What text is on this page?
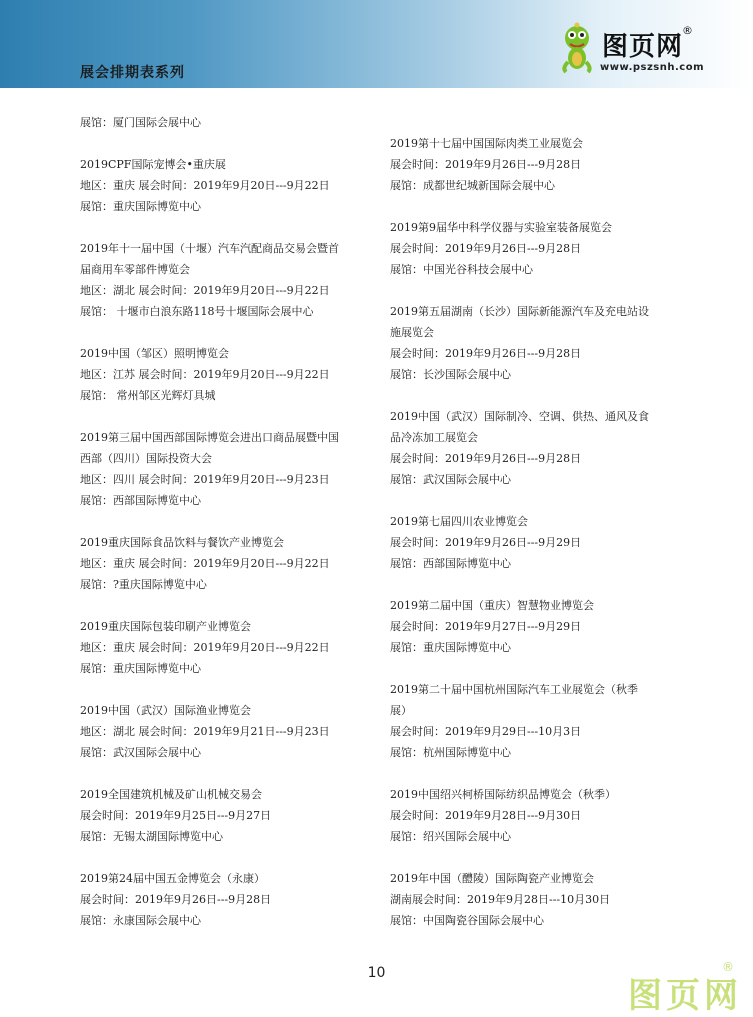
展会排期表系列
图页网
®
www.pszsnh.com
展馆：厦门国际会展中心
2019CPF国际宠博会•重庆展
地区：重庆 展会时间：2019年9月20日---9月22日
展馆：重庆国际博览中心
2019年十一届中国（十堰）汽车汽配商品交易会暨首
届商用车零部件博览会
地区：湖北 展会时间：2019年9月20日---9月22日
展馆： 十堰市白浪东路118号十堰国际会展中心
2019中国（邹区）照明博览会
地区：江苏 展会时间：2019年9月20日---9月22日
展馆： 常州邹区光辉灯具城
2019第三届中国西部国际博览会进出口商品展暨中国
西部（四川）国际投资大会
地区：四川 展会时间：2019年9月20日---9月23日
展馆：西部国际博览中心
2019重庆国际食品饮料与餐饮产业博览会
地区：重庆 展会时间：2019年9月20日---9月22日
展馆：?重庆国际博览中心
2019重庆国际包装印刷产业博览会
地区：重庆 展会时间：2019年9月20日---9月22日
展馆：重庆国际博览中心
2019中国（武汉）国际渔业博览会
地区：湖北 展会时间：2019年9月21日---9月23日
展馆：武汉国际会展中心
2019全国建筑机械及矿山机械交易会
展会时间：2019年9月25日---9月27日
展馆：无锡太湖国际博览中心
2019第24届中国五金博览会（永康）
展会时间：2019年9月26日---9月28日
展馆：永康国际会展中心
2019第十七届中国国际肉类工业展览会
展会时间：2019年9月26日---9月28日
展馆：成都世纪城新国际会展中心
2019第9届华中科学仪器与实验室装备展览会
展会时间：2019年9月26日---9月28日
展馆：中国光谷科技会展中心
2019第五届湖南（长沙）国际新能源汽车及充电站设
施展览会
展会时间：2019年9月26日---9月28日
展馆：长沙国际会展中心
2019中国（武汉）国际制冷、空调、供热、通风及食
品冷冻加工展览会
展会时间：2019年9月26日---9月28日
展馆：武汉国际会展中心
2019第七届四川农业博览会
展会时间：2019年9月26日---9月29日
展馆：西部国际博览中心
2019第二届中国（重庆）智慧物业博览会
展会时间：2019年9月27日---9月29日
展馆：重庆国际博览中心
2019第二十届中国杭州国际汽车工业展览会（秋季
展）
展会时间：2019年9月29日---10月3日
展馆：杭州国际博览中心
2019中国绍兴柯桥国际纺织品博览会（秋季）
展会时间：2019年9月28日---9月30日
展馆：绍兴国际会展中心
2019年中国（醴陵）国际陶瓷产业博览会
湖南展会时间：2019年9月28日---10月30日
展馆：中国陶瓷谷国际会展中心
10
图页网
®
